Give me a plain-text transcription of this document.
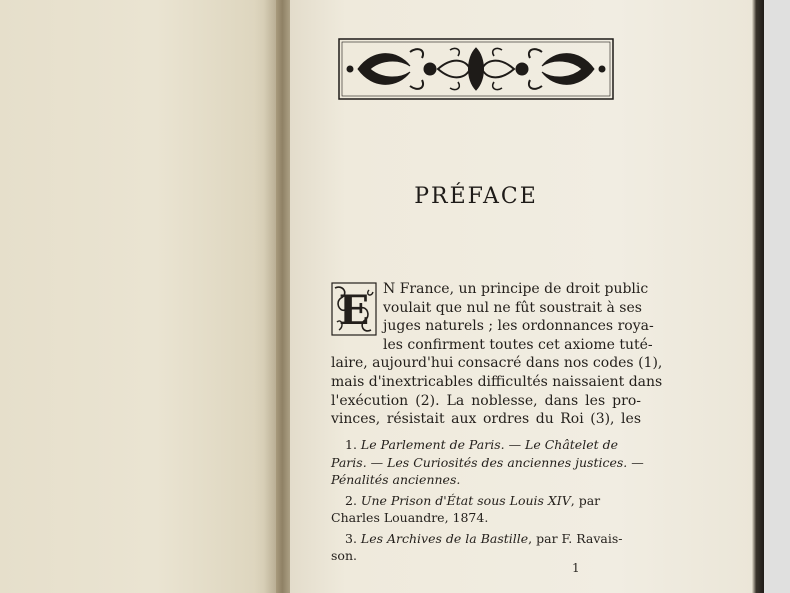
PRÉFACE
E N France, un principe de droit public
voulait que nul ne fût soustrait à ses
juges naturels ; les ordonnances roya-
les confirment toutes cet axiome tuté-
laire, aujourd'hui consacré dans nos codes (1),
mais d'inextricables difficultés naissaient dans
l'exécution (2). La noblesse, dans les pro-
vinces, résistait aux ordres du Roi (3), les
1. Le Parlement de Paris. — Le Châtelet de
Paris. — Les Curiosités des anciennes justices. —
Pénalités anciennes.
2. Une Prison d'État sous Louis XIV, par
Charles Louandre, 1874.
3. Les Archives de la Bastille, par F. Ravais-
son.
1
